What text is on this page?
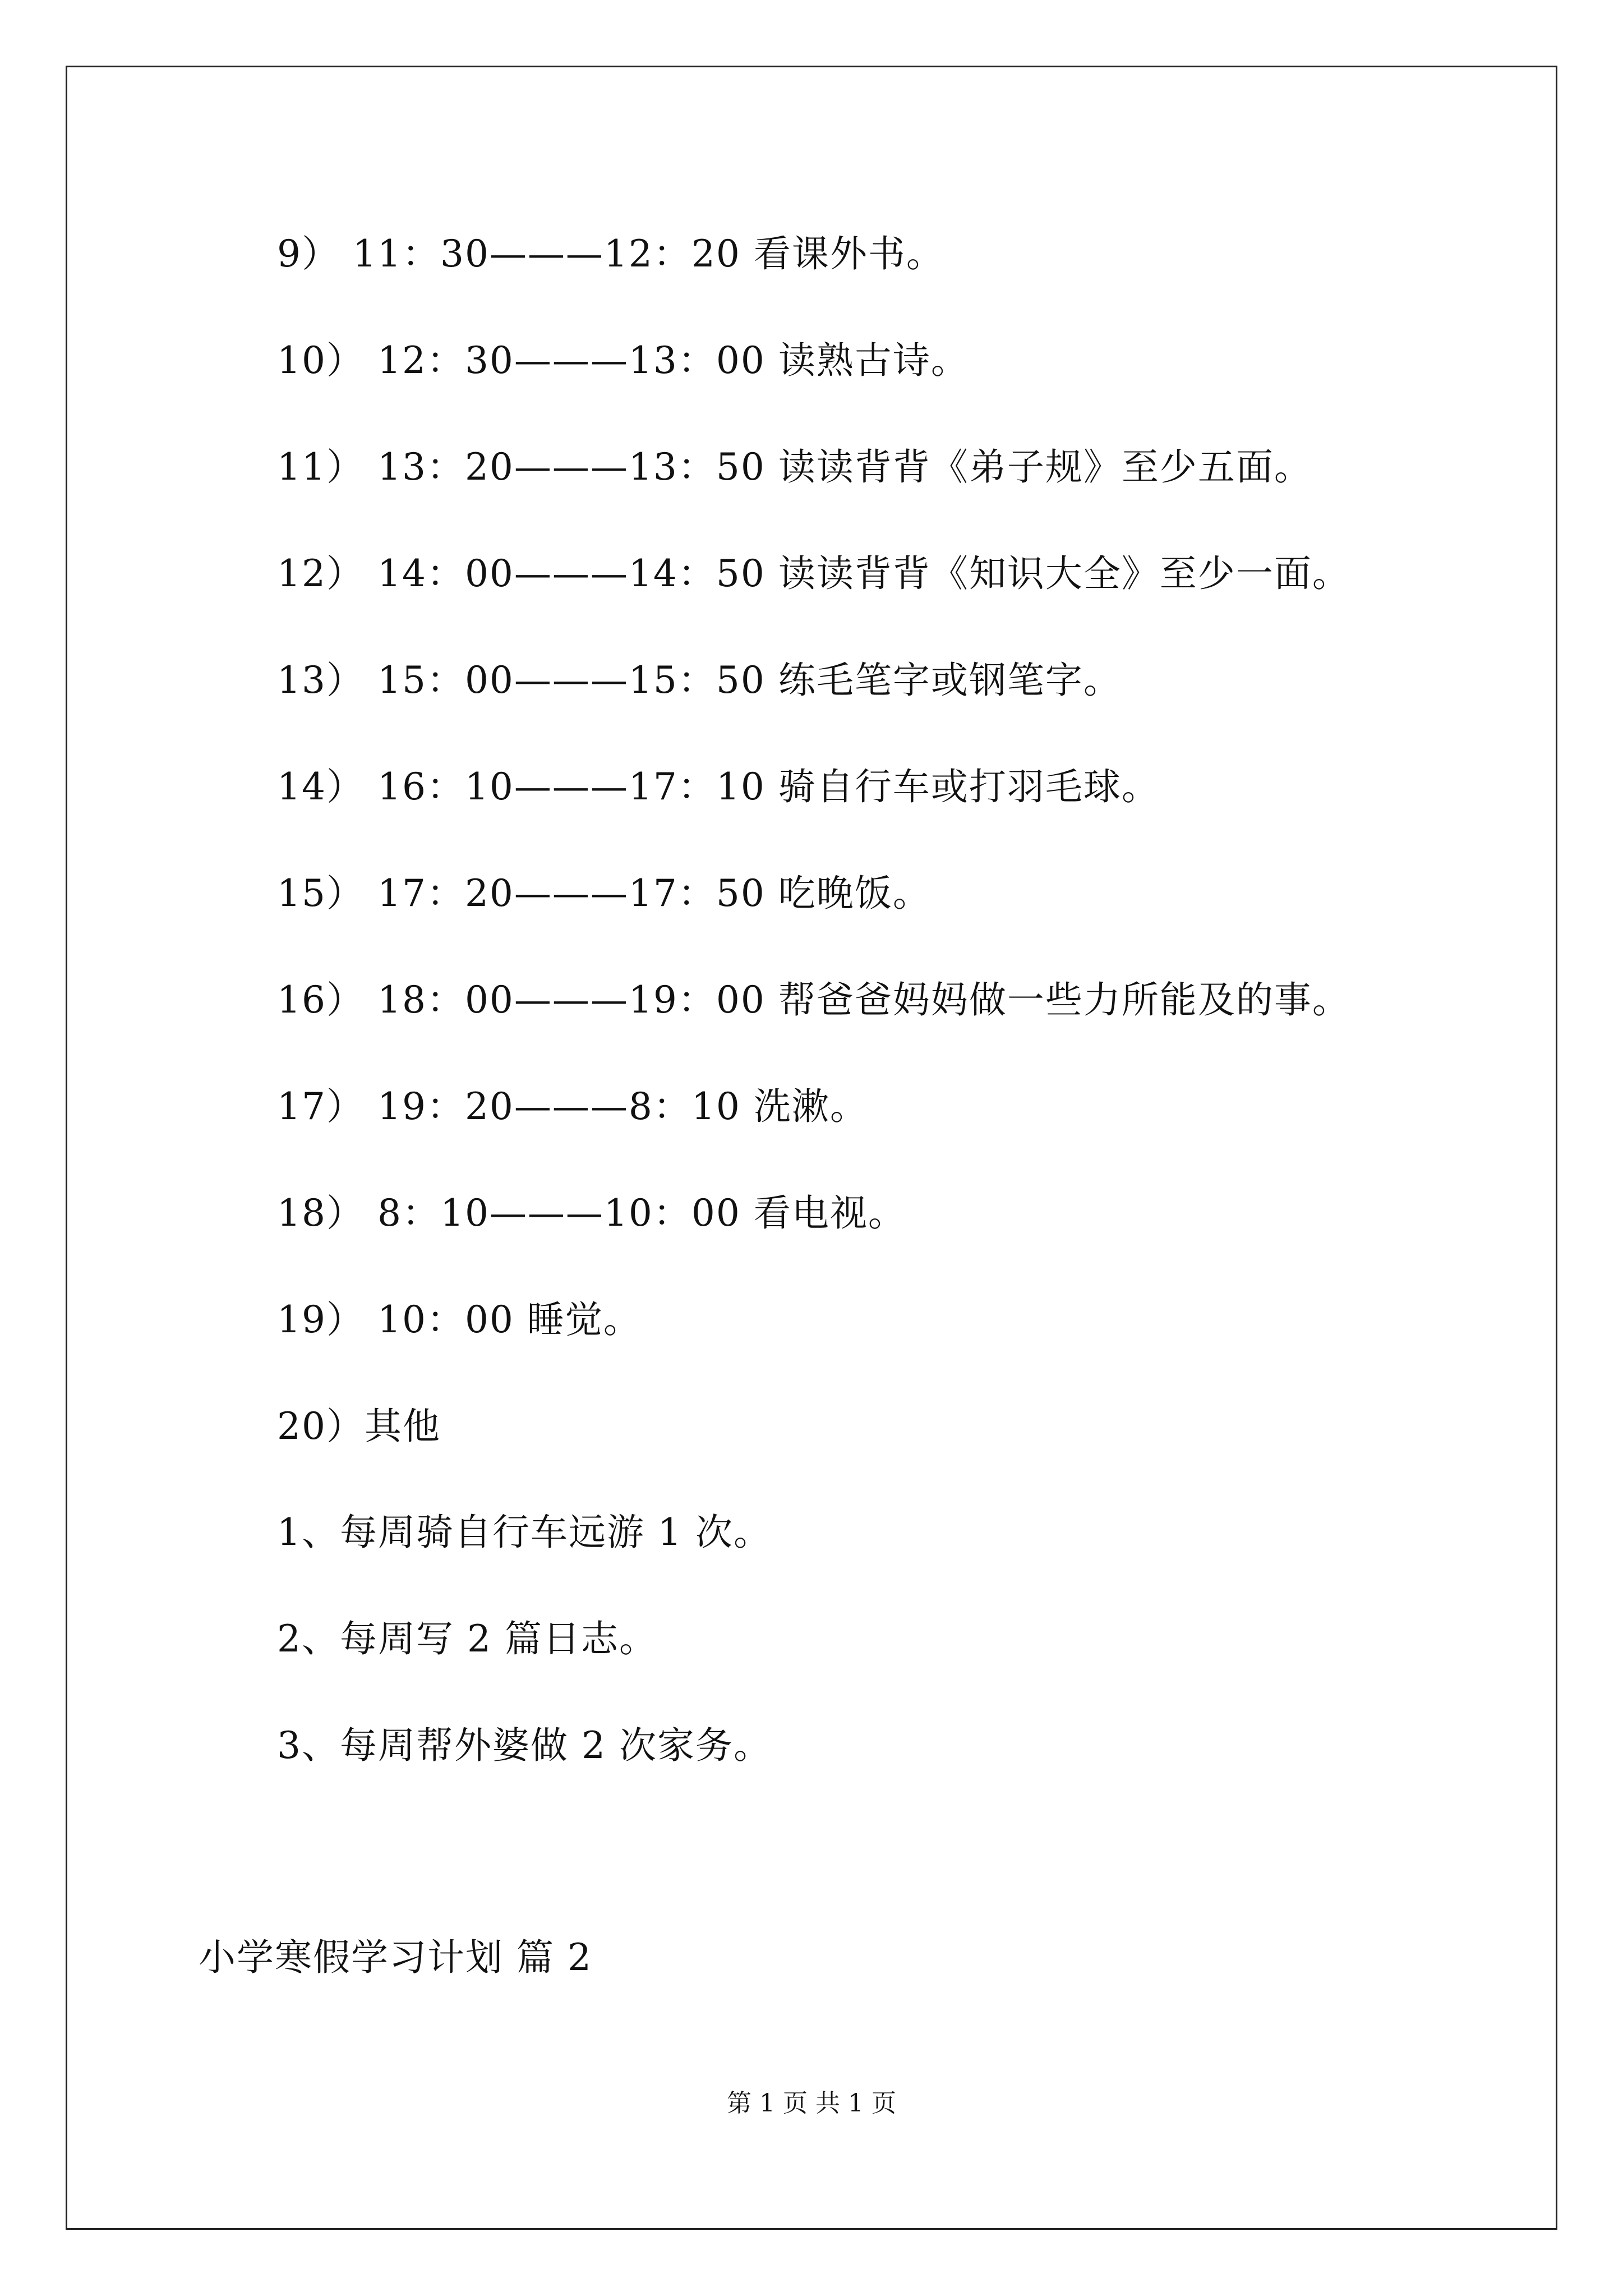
9） 11：30———12：20 看课外书。
10） 12：30———13：00 读熟古诗。
11） 13：20———13：50 读读背背《弟子规》至少五面。
12） 14：00———14：50 读读背背《知识大全》至少一面。
13） 15：00———15：50 练毛笔字或钢笔字。
14） 16：10———17：10 骑自行车或打羽毛球。
15） 17：20———17：50 吃晚饭。
16） 18：00———19：00 帮爸爸妈妈做一些力所能及的事。
17） 19：20———8：10 洗漱。
18） 8：10———10：00 看电视。
19） 10：00 睡觉。
20）其他
1、每周骑自行车远游 1 次。
2、每周写 2 篇日志。
3、每周帮外婆做 2 次家务。
小学寒假学习计划 篇 2
第 1 页 共 1 页
